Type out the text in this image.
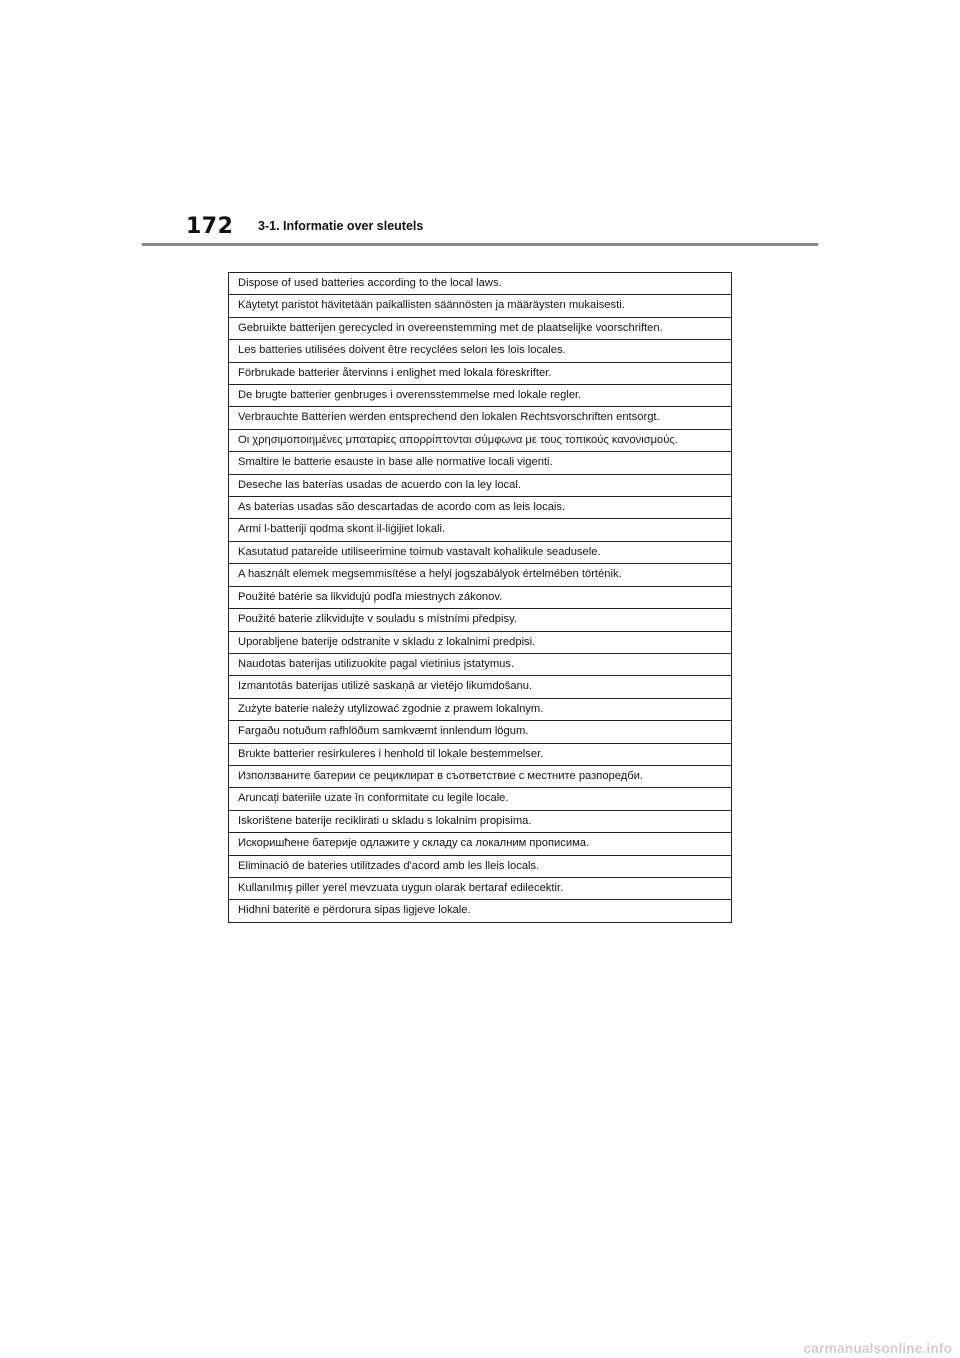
172 3-1. Informatie over sleutels
Dispose of used batteries according to the local laws.
Käytetyt paristot hävitetään paikallisten säännösten ja määräysten mukaisesti.
Gebruikte batterijen gerecycled in overeenstemming met de plaatselijke voorschriften.
Les batteries utilisées doivent être recyclées selon les lois locales.
Förbrukade batterier återvinns i enlighet med lokala föreskrifter.
De brugte batterier genbruges i overensstemmelse med lokale regler.
Verbrauchte Batterien werden entsprechend den lokalen Rechtsvorschriften entsorgt.
Οι χρησιμοποιημένες μπαταρίες απορρίπτονται σύμφωνα με τους τοπικούς κανονισμούς.
Smaltire le batterie esauste in base alle normative locali vigenti.
Deseche las baterías usadas de acuerdo con la ley local.
As baterias usadas são descartadas de acordo com as leis locais.
Armi l-batteriji qodma skont il-liġijiet lokali.
Kasutatud patareide utiliseerimine toimub vastavalt kohalikule seadusele.
A használt elemek megsemmisítése a helyi jogszabályok értelmében történik.
Použité batérie sa likvidujú podľa miestnych zákonov.
Použité baterie zlikvidujte v souladu s místními předpisy.
Uporabljene baterije odstranite v skladu z lokalnimi predpisi.
Naudotas baterijas utilizuokite pagal vietinius įstatymus.
Izmantotās baterijas utilizē saskaņā ar vietējo likumdošanu.
Zużyte baterie należy utylizować zgodnie z prawem lokalnym.
Fargaðu notuðum rafhlöðum samkvæmt innlendum lögum.
Brukte batterier resirkuleres i henhold til lokale bestemmelser.
Използваните батерии се рециклират в съответствие с местните разпоредби.
Aruncați bateriile uzate în conformitate cu legile locale.
Iskorištene baterije reciklirati u skladu s lokalnim propisima.
Искоришћене батерије одлажите у складу са локалним прописима.
Eliminació de bateries utilitzades d'acord amb les lleis locals.
Kullanılmış piller yerel mevzuata uygun olarak bertaraf edilecektir.
Hidhni bateritë e përdorura sipas ligjeve lokale.
carmanualsonline.info
